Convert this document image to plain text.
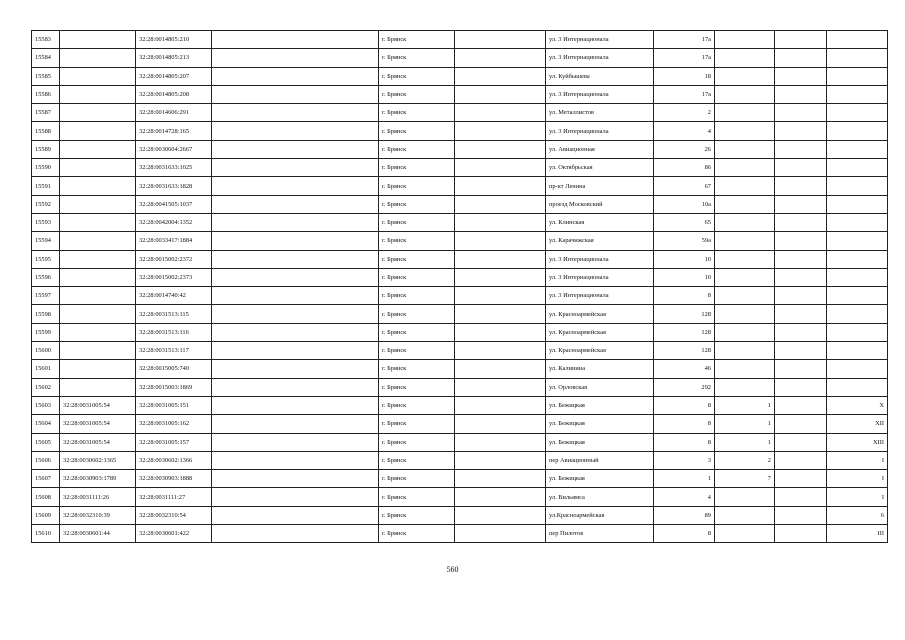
15583		32:28:0014805:210		г. Брянск		ул. 3 Интернационала	17а			
15584		32:28:0014805:213		г. Брянск		ул. 3 Интернационала	17а			
15585		32:28:0014805:207		г. Брянск		ул. Куйбышева	18			
15586		32:28:0014805:208		г. Брянск		ул. 3 Интернационала	17а			
15587		32:28:0014606:291		г. Брянск		ул. Металлистов	2			
15588		32:28:0014728:165		г. Брянск		ул. 3 Интернационала	4			
15589		32:28:0030604:2667		г. Брянск		ул. Авиационная	26			
15590		32:28:0031633:1025		г. Брянск		ул. Октябрьская	86			
15591		32:28:0031633:1828		г. Брянск		пр-кт Ленина	67			
15592		32:28:0041505:1037		г. Брянск		проезд Московский	10а			
15593		32:28:0042004:1352		г. Брянск		ул. Клинская	65			
15594		32:28:0033417:1884		г. Брянск		ул. Карачижская	59а			
15595		32:28:0015002:2372		г. Брянск		ул. 3 Интернационала	10			
15596		32:28:0015002:2373		г. Брянск		ул. 3 Интернационала	10			
15597		32:28:0014740:42		г. Брянск		ул. 3 Интернационала	8			
15598		32:28:0031513:115		г. Брянск		ул. Красноармейская	128			
15599		32:28:0031513:116		г. Брянск		ул. Красноармейская	128			
15600		32:28:0031513:117		г. Брянск		ул. Красноармейская	128			
15601		32:28:0015005:740		г. Брянск		ул. Калинина	46			
15602		32:28:0015003:1869		г. Брянск		ул. Орловская	292			
15603	32:28:0031005:54	32:28:0031005:151		г. Брянск		ул. Бежицкая	8	1		X
15604	32:28:0031005:54	32:28:0031005:162		г. Брянск		ул. Бежицкая	8	1		XII
15605	32:28:0031005:54	32:28:0031005:157		г. Брянск		ул. Бежицкая	8	1		XIII
15606	32:28:0030602:1365	32:28:0030602:1366		г. Брянск		пер Авиационный	3	2		I
15607	32:28:0030903:1789	32:28:0030903:1888		г. Брянск		ул. Бежицкая	1	7		I
15608	32:28:0031111:26	32:28:0031111:27		г. Брянск		ул. Вильямса	4			I
15609	32:28:0032310:39	32:28:0032310:54		г. Брянск		ул.Красноармейская	89			6
15610	32:28:0030601:44	32:28:0030601:422		г. Брянск		пер Пилотов	8			III
560
